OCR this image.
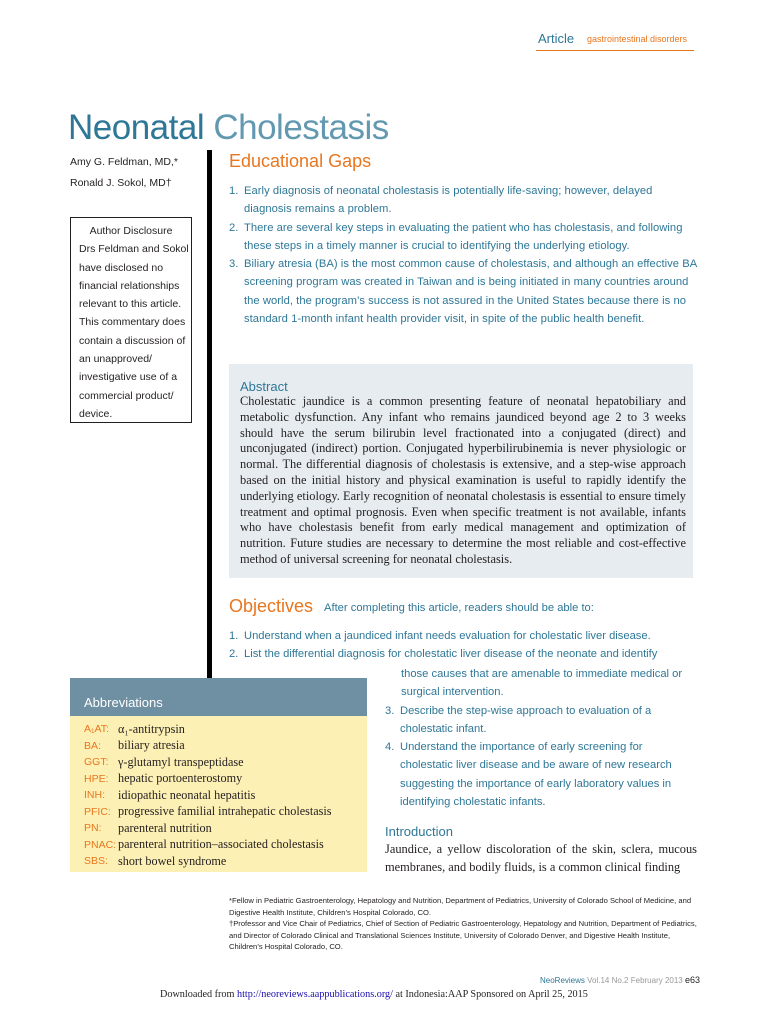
Article gastrointestinal disorders
Neonatal Cholestasis
Amy G. Feldman, MD,*
Ronald J. Sokol, MD†
Author Disclosure
Drs Feldman and Sokol have disclosed no financial relationships relevant to this article. This commentary does contain a discussion of an unapproved/ investigative use of a commercial product/ device.
Educational Gaps
1. Early diagnosis of neonatal cholestasis is potentially life-saving; however, delayed diagnosis remains a problem.
2. There are several key steps in evaluating the patient who has cholestasis, and following these steps in a timely manner is crucial to identifying the underlying etiology.
3. Biliary atresia (BA) is the most common cause of cholestasis, and although an effective BA screening program was created in Taiwan and is being initiated in many countries around the world, the program’s success is not assured in the United States because there is no standard 1-month infant health provider visit, in spite of the public health benefit.
Abstract
Cholestatic jaundice is a common presenting feature of neonatal hepatobiliary and metabolic dysfunction. Any infant who remains jaundiced beyond age 2 to 3 weeks should have the serum bilirubin level fractionated into a conjugated (direct) and unconjugated (indirect) portion. Conjugated hyperbilirubinemia is never physiologic or normal. The differential diagnosis of cholestasis is extensive, and a step-wise approach based on the initial history and physical examination is useful to rapidly identify the underlying etiology. Early recognition of neonatal cholestasis is essential to ensure timely treatment and optimal prognosis. Even when specific treatment is not available, infants who have cholestasis benefit from early medical management and optimization of nutrition. Future studies are necessary to determine the most reliable and cost-effective method of universal screening for neonatal cholestasis.
Objectives After completing this article, readers should be able to:
1. Understand when a jaundiced infant needs evaluation for cholestatic liver disease.
2. List the differential diagnosis for cholestatic liver disease of the neonate and identify
those causes that are amenable to immediate medical or surgical intervention.
3. Describe the step-wise approach to evaluation of a cholestatic infant.
4. Understand the importance of early screening for cholestatic liver disease and be aware of new research suggesting the importance of early laboratory values in identifying cholestatic infants.
Abbreviations
A₁AT: α₁-antitrypsin
BA:	biliary atresia
GGT: γ-glutamyl transpeptidase
HPE: hepatic portoenterostomy
INH:	idiopathic neonatal hepatitis
PFIC: progressive familial intrahepatic cholestasis
PN:	parenteral nutrition
PNAC: parenteral nutrition–associated cholestasis
SBS: short bowel syndrome
Introduction
Jaundice, a yellow discoloration of the skin, sclera, mucous membranes, and bodily fluids, is a common clinical finding
*Fellow in Pediatric Gastroenterology, Hepatology and Nutrition, Department of Pediatrics, University of Colorado School of Medicine, and Digestive Health Institute, Children’s Hospital Colorado, CO.
†Professor and Vice Chair of Pediatrics, Chief of Section of Pediatric Gastroenterology, Hepatology and Nutrition, Department of Pediatrics, and Director of Colorado Clinical and Translational Sciences Institute, University of Colorado Denver, and Digestive Health Institute, Children’s Hospital Colorado, CO.
NeoReviews Vol.14 No.2 February 2013 e63
Downloaded from http://neoreviews.aappublications.org/ at Indonesia:AAP Sponsored on April 25, 2015
